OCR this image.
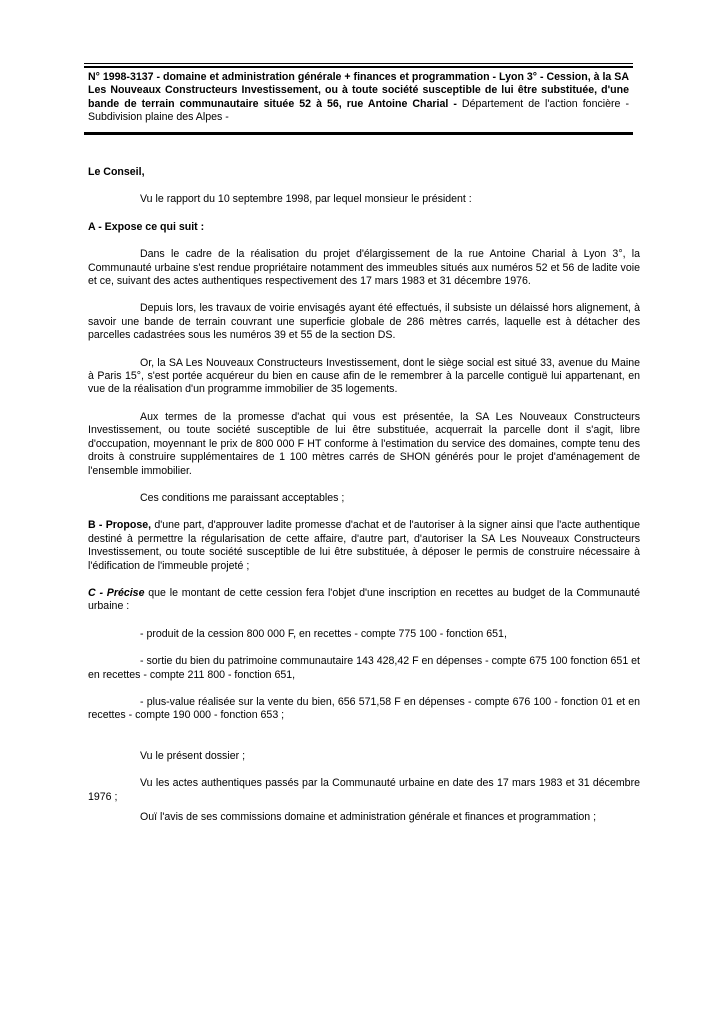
N° 1998-3137 - domaine et administration générale + finances et programmation - Lyon 3° - Cession, à la SA Les Nouveaux Constructeurs Investissement, ou à toute société susceptible de lui être substituée, d'une bande de terrain communautaire située 52 à 56, rue Antoine Charial - Département de l'action foncière - Subdivision plaine des Alpes -

Le Conseil,

Vu le rapport du 10 septembre 1998, par lequel monsieur le président :

A - Expose ce qui suit :

Dans le cadre de la réalisation du projet d'élargissement de la rue Antoine Charial à Lyon 3°, la Communauté urbaine s'est rendue propriétaire notamment des immeubles situés aux numéros 52 et 56 de ladite voie et ce, suivant des actes authentiques respectivement des 17 mars 1983 et 31 décembre 1976.

Depuis lors, les travaux de voirie envisagés ayant été effectués, il subsiste un délaissé hors alignement, à savoir une bande de terrain couvrant une superficie globale de 286 mètres carrés, laquelle est à détacher des parcelles cadastrées sous les numéros 39 et 55 de la section DS.

Or, la SA Les Nouveaux Constructeurs Investissement, dont le siège social est situé 33, avenue du Maine à Paris 15°, s'est portée acquéreur du bien en cause afin de le remembrer à la parcelle contiguë lui appartenant, en vue de la réalisation d'un programme immobilier de 35 logements.

Aux termes de la promesse d'achat qui vous est présentée, la SA Les Nouveaux Constructeurs Investissement, ou toute société susceptible de lui être substituée, acquerrait la parcelle dont il s'agit, libre d'occupation, moyennant le prix de 800 000 F HT conforme à l'estimation du service des domaines, compte tenu des droits à construire supplémentaires de 1 100 mètres carrés de SHON générés pour le projet d'aménagement de l'ensemble immobilier.

Ces conditions me paraissant acceptables ;

B - Propose, d'une part, d'approuver ladite promesse d'achat et de l'autoriser à la signer ainsi que l'acte authentique destiné à permettre la régularisation de cette affaire, d'autre part, d'autoriser la SA Les Nouveaux Constructeurs Investissement, ou toute société susceptible de lui être substituée, à déposer le permis de construire nécessaire à l'édification de l'immeuble projeté ;

C - Précise que le montant de cette cession fera l'objet d'une inscription en recettes au budget de la Communauté urbaine :

- produit de la cession 800 000 F, en recettes - compte 775 100 - fonction 651,

- sortie du bien du patrimoine communautaire 143 428,42 F en dépenses - compte 675 100 fonction 651 et en recettes - compte 211 800 - fonction 651,

- plus-value réalisée sur la vente du bien, 656 571,58 F en dépenses - compte 676 100 - fonction 01 et en recettes - compte 190 000 - fonction 653 ;

Vu le présent dossier ;

Vu les actes authentiques passés par la Communauté urbaine en date des 17 mars 1983 et 31 décembre 1976 ;

Ouï l'avis de ses commissions domaine et administration générale et finances et programmation ;
